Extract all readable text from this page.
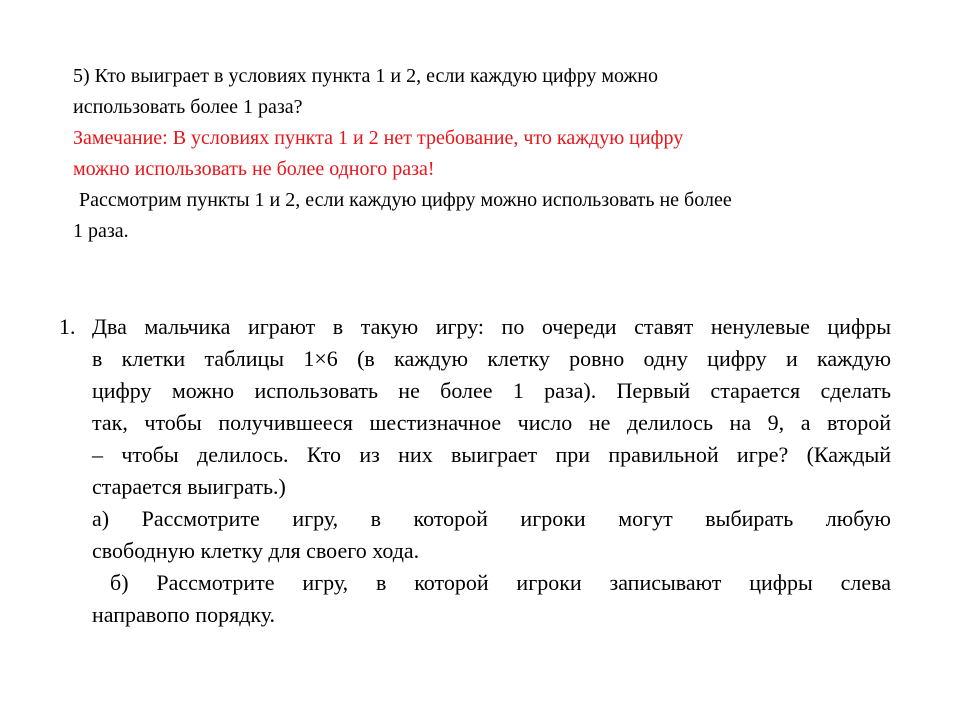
5) Кто выиграет в условиях пункта 1 и 2, если каждую цифру можно
использовать более 1 раза?
Замечание: В условиях пункта 1 и 2 нет требование, что каждую цифру
можно использовать не более одного раза!
Рассмотрим пункты 1 и 2, если каждую цифру можно использовать не более
1 раза.
1. Два мальчика играют в такую игру: по очереди ставят ненулевые цифры
в клетки таблицы 1×6 (в каждую клетку ровно одну цифру и каждую
цифру можно использовать не более 1 раза). Первый старается сделать
так, чтобы получившееся шестизначное число не делилось на 9, а второй
– чтобы делилось. Кто из них выиграет при правильной игре? (Каждый
старается выиграть.)
а) Рассмотрите игру, в которой игроки могут выбирать любую
свободную клетку для своего хода.
б) Рассмотрите игру, в которой игроки записывают цифры слева
направопо порядку.
